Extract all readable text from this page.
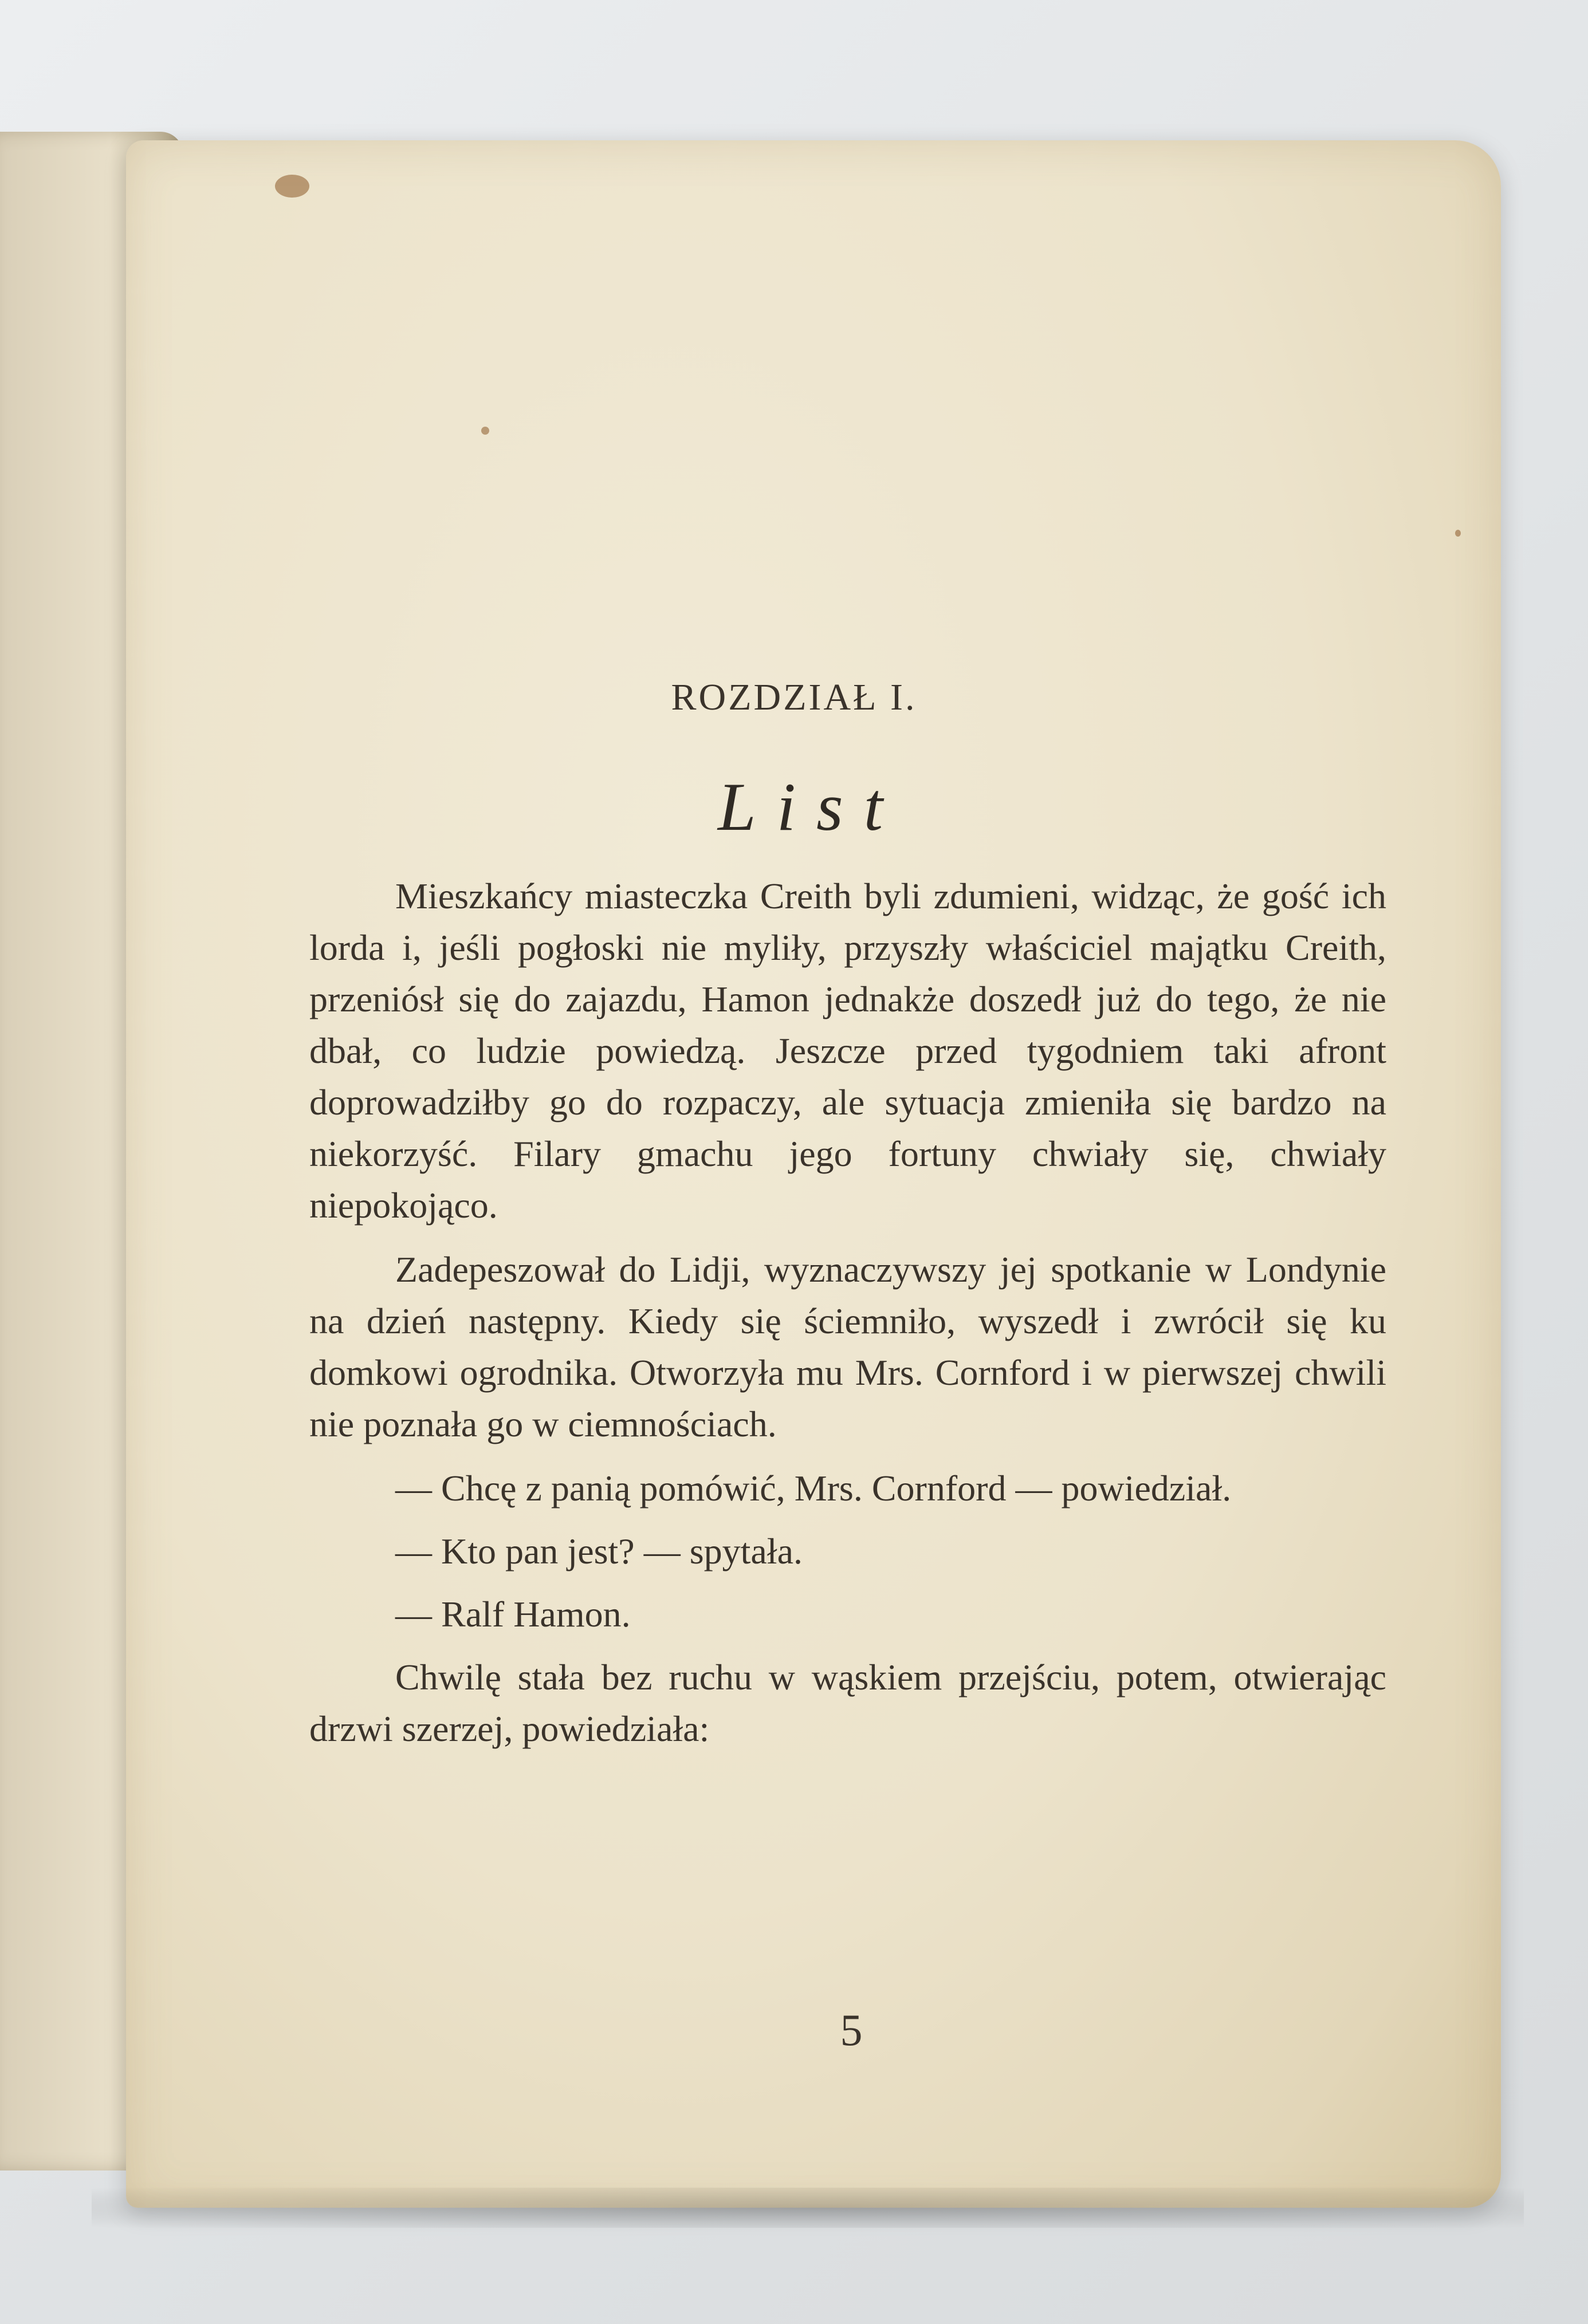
ROZDZIAŁ I.
List

Mieszkańcy miasteczka Creith byli zdumieni, widząc, że gość ich lorda i, jeśli pogłoski nie myliły, przyszły właściciel majątku Creith, przeniósł się do zajazdu, Hamon jednakże doszedł już do tego, że nie dbał, co ludzie powiedzą. Jeszcze przed tygodniem taki afront doprowadziłby go do rozpaczy, ale sytuacja zmieniła się bardzo na niekorzyść. Filary gmachu jego fortuny chwiały się, chwiały niepokojąco.

Zadepeszował do Lidji, wyznaczywszy jej spotkanie w Londynie na dzień następny. Kiedy się ściemniło, wyszedł i zwrócił się ku domkowi ogrodnika. Otworzyła mu Mrs. Cornford i w pierwszej chwili nie poznała go w ciemnościach.

— Chcę z panią pomówić, Mrs. Cornford — powiedział.

— Kto pan jest? — spytała.

— Ralf Hamon.

Chwilę stała bez ruchu w wąskiem przejściu, potem, otwierając drzwi szerzej, powiedziała:

5
